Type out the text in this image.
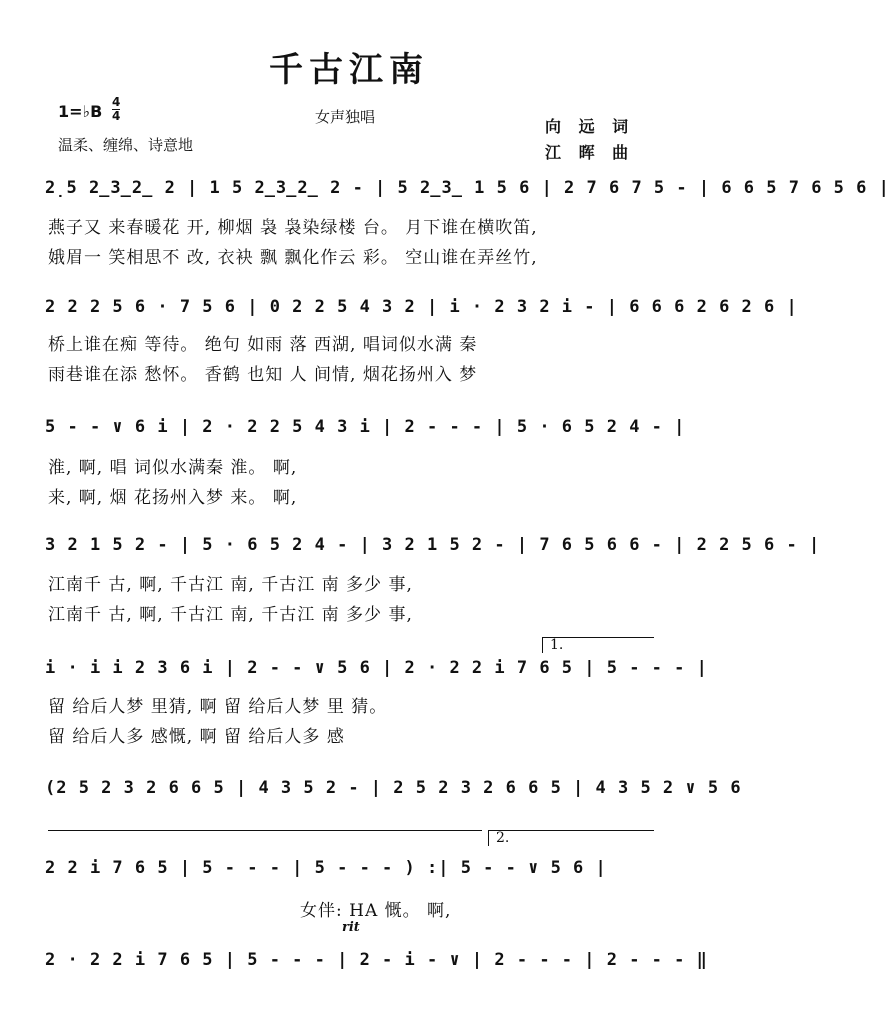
千古江南
1=♭B 4
4	女声独唱
温柔、缠绵、诗意地
向 远 词
江 晖 曲
2̣5 2̲3̲2̲ 2 | 1 5 2̲3̲2̲ 2 - | 5 2̲3̲ 1 5 6 | 2 7 6 7 5 - | 6 6 5 7 6 5 6 |
燕子又 来春暖花 开, 柳烟 袅 袅染绿楼 台。 月下谁在横吹笛,
娥眉一 笑相思不 改, 衣袂 飘 飘化作云 彩。 空山谁在弄丝竹,
2 2 2 5 6 · 7 5 6 | 0 2 2 5 4 3 2 | i · 2 3 2 i - | 6 6 6 2 6 2 6 |
桥上谁在痴 等待。 绝句 如雨 落 西湖, 唱词似水满 秦
雨巷谁在添 愁怀。 香鹤 也知 人 间情, 烟花扬州入 梦
5 - - ∨ 6 i | 2 · 2 2 5 4 3 i | 2 - - - | 5 · 6 5 2 4 - |
淮, 啊, 唱 词似水满秦 淮。 啊,
来, 啊, 烟 花扬州入梦 来。 啊,
3 2 1 5 2 - | 5 · 6 5 2 4 - | 3 2 1 5 2 - | 7 6 5 6 6 - | 2 2 5 6 - |
江南千 古, 啊, 千古江 南, 千古江 南 多少 事,
江南千 古, 啊, 千古江 南, 千古江 南 多少 事,
1.
i · i i 2 3 6 i | 2 - - ∨ 5 6 | 2 · 2 2 i 7 6 5 | 5 - - - |
留 给后人梦 里猜, 啊 留 给后人梦 里 猜。
留 给后人多 感慨, 啊 留 给后人多 感
(2 5 2 3 2 6 6 5 | 4 3 5 2 - | 2 5 2 3 2 6 6 5 | 4 3 5 2 ∨ 5 6
2.
2 2 i 7 6 5 | 5 - - - | 5 - - - ) :| 5 - - ∨ 5 6 |
女伴: HA 慨。 啊,
rit
2 · 2 2 i 7 6 5 | 5 - - - | 2 - i - ∨ | 2 - - - | 2 - - - ‖
